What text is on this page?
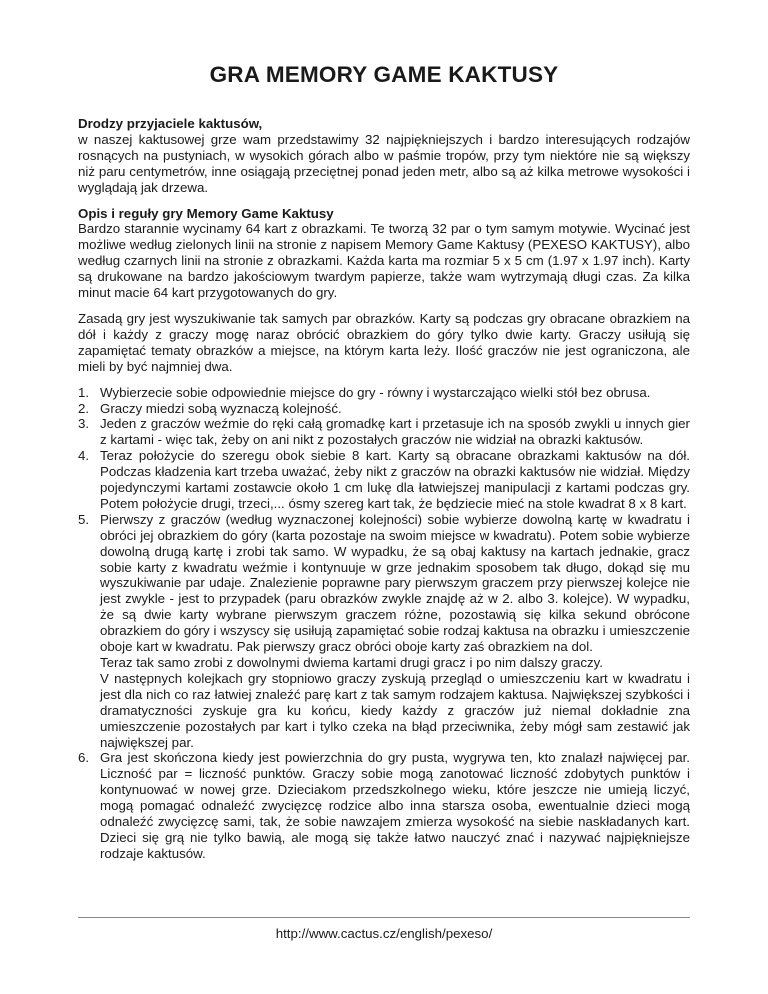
GRA MEMORY GAME KAKTUSY

Drodzy przyjaciele kaktusów,

w naszej kaktusowej grze wam przedstawimy 32 najpiękniejszych i bardzo interesujących rodzajów rosnących na pustyniach, w wysokich górach albo w paśmie tropów, przy tym niektóre nie są większy niż paru centymetrów, inne osiągają przeciętnej ponad jeden metr, albo są aż kilka metrowe wysokości i wyglądają jak drzewa.

Opis i reguły gry Memory Game Kaktusy

Bardzo starannie wycinamy 64 kart z obrazkami. Te tworzą 32 par o tym samym motywie. Wycinać jest możliwe według zielonych linii na stronie z napisem Memory Game Kaktusy (PEXESO KAKTUSY), albo według czarnych linii na stronie z obrazkami. Każda karta ma rozmiar 5 x 5 cm (1.97 x 1.97 inch). Karty są drukowane na bardzo jakościowym twardym papierze, także wam wytrzymają długi czas. Za kilka minut macie 64 kart przygotowanych do gry.

Zasadą gry jest wyszukiwanie tak samych par obrazków. Karty są podczas gry obracane obrazkiem na dół i każdy z graczy mogę naraz obrócić obrazkiem do góry tylko dwie karty. Graczy usiłują się zapamiętać tematy obrazków a miejsce, na którym karta leży. Ilość graczów nie jest ograniczona, ale mieli by być najmniej dwa.

1. Wybierzecie sobie odpowiednie miejsce do gry - równy i wystarczająco wielki stół bez obrusa.

2. Graczy miedzi sobą wyznaczą kolejność.

3. Jeden z graczów weźmie do ręki całą gromadkę kart i przetasuje ich na sposób zwykli u innych gier z kartami - więc tak, żeby on ani nikt z pozostałych graczów nie widział na obrazki kaktusów.

4. Teraz położycie do szeregu obok siebie 8 kart. Karty są obracane obrazkami kaktusów na dół. Podczas kładzenia kart trzeba uważać, żeby nikt z graczów na obrazki kaktusów nie widział. Między pojedynczymi kartami zostawcie około 1 cm lukę dla łatwiejszej manipulacji z kartami podczas gry. Potem położycie drugi, trzeci,... ósmy szereg kart tak, że będziecie mieć na stole kwadrat 8 x 8 kart.

5. Pierwszy z graczów (według wyznaczonej kolejności) sobie wybierze dowolną kartę w kwadratu i obróci jej obrazkiem do góry (karta pozostaje na swoim miejsce w kwadratu). Potem sobie wybierze dowolną drugą kartę i zrobi tak samo. W wypadku, że są obaj kaktusy na kartach jednakie, gracz sobie karty z kwadratu weźmie i kontynuuje w grze jednakim sposobem tak długo, dokąd się mu wyszukiwanie par udaje. Znalezienie poprawne pary pierwszym graczem przy pierwszej kolejce nie jest zwykle - jest to przypadek (paru obrazków zwykle znajdę aż w 2. albo 3. kolejce). W wypadku, że są dwie karty wybrane pierwszym graczem różne, pozostawią się kilka sekund obrócone obrazkiem do góry i wszyscy się usiłują zapamiętać sobie rodzaj kaktusa na obrazku i umieszczenie oboje kart w kwadratu. Pak pierwszy gracz obróci oboje karty zaś obrazkiem na dol.

Teraz tak samo zrobi z dowolnymi dwiema kartami drugi gracz i po nim dalszy graczy.

V następnych kolejkach gry stopniowo graczy zyskują przegląd o umieszczeniu kart w kwadratu i jest dla nich co raz łatwiej znaleźć parę kart z tak samym rodzajem kaktusa. Największej szybkości i dramatyczności zyskuje gra ku końcu, kiedy każdy z graczów już niemal dokładnie zna umieszczenie pozostałych par kart i tylko czeka na błąd przeciwnika, żeby mógł sam zestawić jak największej par.

6. Gra jest skończona kiedy jest powierzchnia do gry pusta, wygrywa ten, kto znalazł najwięcej par. Liczność par = liczność punktów. Graczy sobie mogą zanotować liczność zdobytych punktów i kontynuować w nowej grze. Dzieciakom przedszkolnego wieku, które jeszcze nie umieją liczyć, mogą pomagać odnaleźć zwycięzcę rodzice albo inna starsza osoba, ewentualnie dzieci mogą odnaleźć zwycięzcę sami, tak, że sobie nawzajem zmierza wysokość na siebie naskładanych kart. Dzieci się grą nie tylko bawią, ale mogą się także łatwo nauczyć znać i nazywać najpiękniejsze rodzaje kaktusów.

http://www.cactus.cz/english/pexeso/
